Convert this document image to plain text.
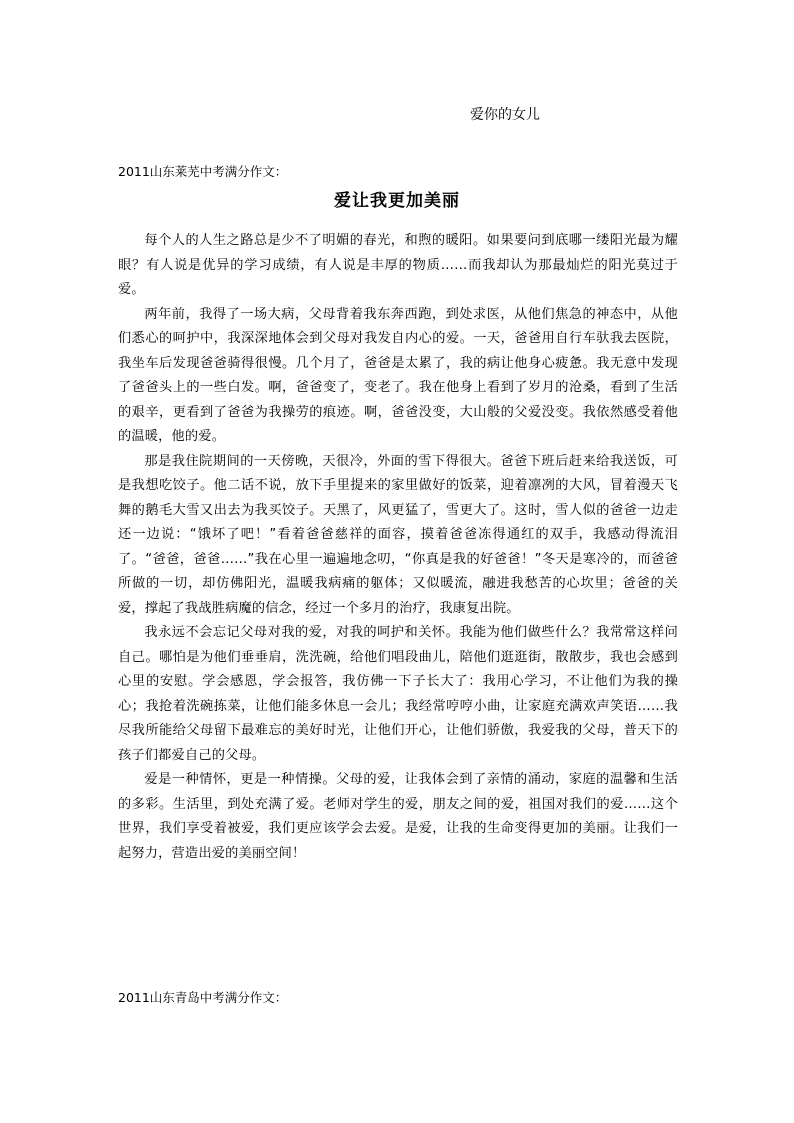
爱你的女儿
2011山东莱芜中考满分作文：
爱让我更加美丽

每个人的人生之路总是少不了明媚的春光，和煦的暖阳。如果要问到底哪一缕阳光最为耀眼？有人说是优异的学习成绩，有人说是丰厚的物质……而我却认为那最灿烂的阳光莫过于爱。

两年前，我得了一场大病，父母背着我东奔西跑，到处求医，从他们焦急的神态中，从他们悉心的呵护中，我深深地体会到父母对我发自内心的爱。一天，爸爸用自行车驮我去医院，我坐车后发现爸爸骑得很慢。几个月了，爸爸是太累了，我的病让他身心疲惫。我无意中发现了爸爸头上的一些白发。啊，爸爸变了，变老了。我在他身上看到了岁月的沧桑，看到了生活的艰辛，更看到了爸爸为我操劳的痕迹。啊，爸爸没变，大山般的父爱没变。我依然感受着他的温暖，他的爱。

那是我住院期间的一天傍晚，天很冷，外面的雪下得很大。爸爸下班后赶来给我送饭，可是我想吃饺子。他二话不说，放下手里提来的家里做好的饭菜，迎着凛冽的大风，冒着漫天飞舞的鹅毛大雪又出去为我买饺子。天黑了，风更猛了，雪更大了。这时，雪人似的爸爸一边走还一边说：“饿坏了吧！”看着爸爸慈祥的面容，摸着爸爸冻得通红的双手，我感动得流泪了。“爸爸，爸爸……”我在心里一遍遍地念叨，“你真是我的好爸爸！”冬天是寒冷的，而爸爸所做的一切，却仿佛阳光，温暖我病痛的躯体；又似暖流，融进我愁苦的心坎里；爸爸的关爱，撑起了我战胜病魔的信念，经过一个多月的治疗，我康复出院。

我永远不会忘记父母对我的爱，对我的呵护和关怀。我能为他们做些什么？我常常这样问自己。哪怕是为他们垂垂肩，洗洗碗，给他们唱段曲儿，陪他们逛逛街，散散步，我也会感到心里的安慰。学会感恩，学会报答，我仿佛一下子长大了：我用心学习，不让他们为我的操心；我抢着洗碗拣菜，让他们能多休息一会儿；我经常哼哼小曲，让家庭充满欢声笑语……我尽我所能给父母留下最难忘的美好时光，让他们开心，让他们骄傲，我爱我的父母，普天下的孩子们都爱自己的父母。

爱是一种情怀，更是一种情操。父母的爱，让我体会到了亲情的涌动，家庭的温馨和生活的多彩。生活里，到处充满了爱。老师对学生的爱，朋友之间的爱，祖国对我们的爱……这个世界，我们享受着被爱，我们更应该学会去爱。是爱，让我的生命变得更加的美丽。让我们一起努力，营造出爱的美丽空间！

2011山东青岛中考满分作文：
